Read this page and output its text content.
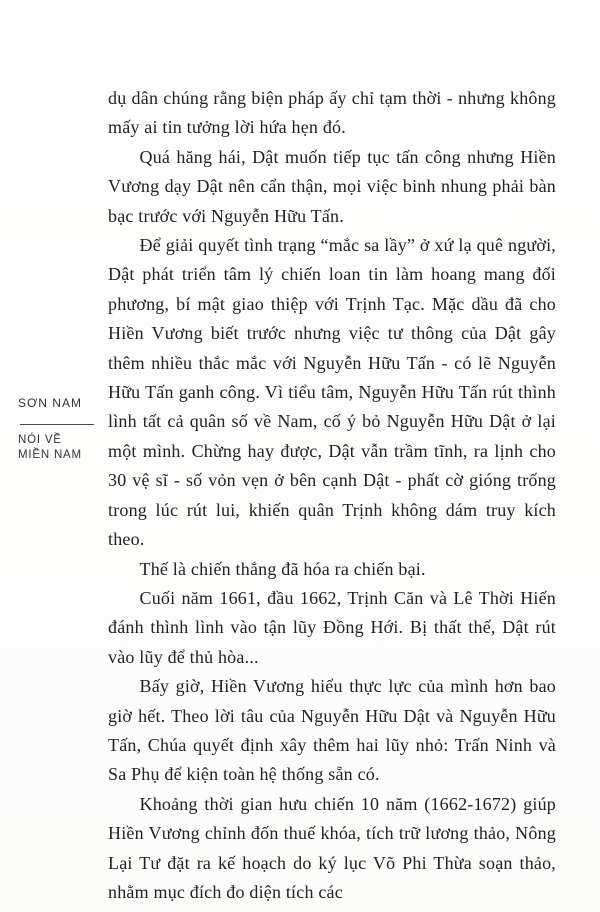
SƠN NAM
NÓI VỀ MIỀN NAM

dụ dân chúng rằng biện pháp ấy chỉ tạm thời - nhưng không mấy ai tin tưởng lời hứa hẹn đó.

Quá hăng hái, Dật muốn tiếp tục tấn công nhưng Hiền Vương dạy Dật nên cẩn thận, mọi việc binh nhung phải bàn bạc trước với Nguyễn Hữu Tấn.

Để giải quyết tình trạng “mắc sa lầy” ở xứ lạ quê người, Dật phát triển tâm lý chiến loan tin làm hoang mang đối phương, bí mật giao thiệp với Trịnh Tạc. Mặc dầu đã cho Hiền Vương biết trước nhưng việc tư thông của Dật gây thêm nhiều thắc mắc với Nguyễn Hữu Tấn - có lẽ Nguyễn Hữu Tấn ganh công. Vì tiểu tâm, Nguyễn Hữu Tấn rút thình lình tất cả quân số về Nam, cố ý bỏ Nguyễn Hữu Dật ở lại một mình. Chừng hay được, Dật vẫn trầm tĩnh, ra lịnh cho 30 vệ sĩ - số vỏn vẹn ở bên cạnh Dật - phất cờ gióng trống trong lúc rút lui, khiến quân Trịnh không dám truy kích theo.

Thế là chiến thắng đã hóa ra chiến bại.

Cuối năm 1661, đầu 1662, Trịnh Căn và Lê Thời Hiến đánh thình lình vào tận lũy Đồng Hới. Bị thất thế, Dật rút vào lũy để thủ hòa...

Bấy giờ, Hiền Vương hiểu thực lực của mình hơn bao giờ hết. Theo lời tâu của Nguyễn Hữu Dật và Nguyễn Hữu Tấn, Chúa quyết định xây thêm hai lũy nhỏ: Trấn Ninh và Sa Phụ để kiện toàn hệ thống sẵn có.

Khoảng thời gian hưu chiến 10 năm (1662-1672) giúp Hiền Vương chỉnh đốn thuế khóa, tích trữ lương thảo, Nông Lại Tư đặt ra kế hoạch do ký lục Võ Phi Thừa soạn thảo, nhằm mục đích đo diện tích các
